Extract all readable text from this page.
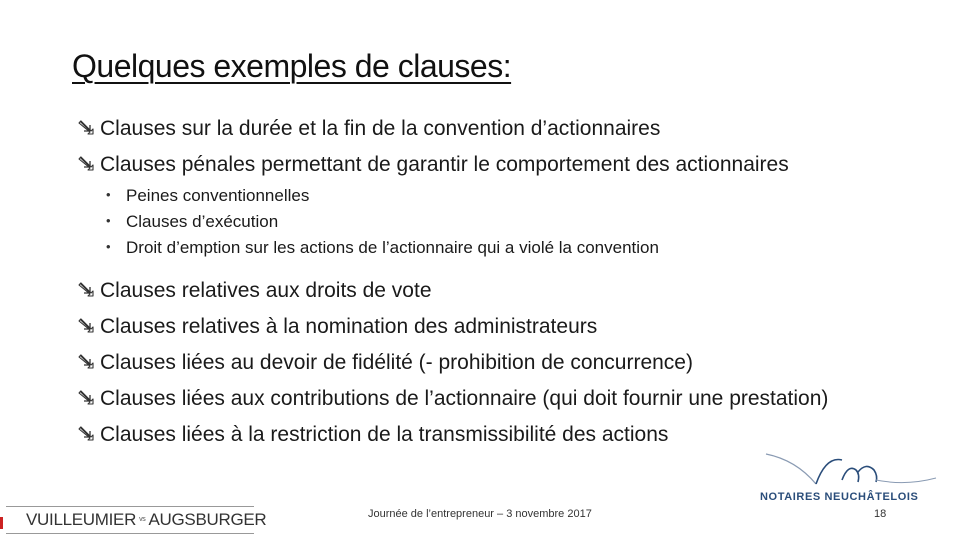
Quelques exemples de clauses:
Clauses sur la durée et la fin de la convention d’actionnaires
Clauses pénales permettant de garantir le comportement des actionnaires
• Peines conventionnelles
• Clauses d’exécution
• Droit d’emption sur les actions de l’actionnaire qui a violé la convention
Clauses relatives aux droits de vote
Clauses relatives à la nomination des administrateurs
Clauses liées au devoir de fidélité (- prohibition de concurrence)
Clauses liées aux contributions de l’actionnaire (qui doit fournir une prestation)
Clauses liées à la restriction de la transmissibilité des actions
VUILLEUMIER $^{vs}$ AUGSBURGER	Journée de l’entrepreneur – 3 novembre 2017	18
NOTAIRES NEUCHÂTELOIS
